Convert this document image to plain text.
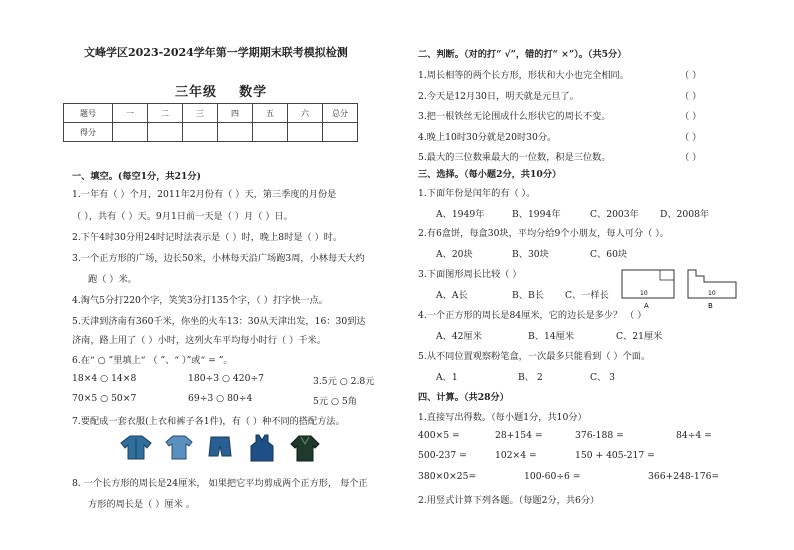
文峰学区2023-2024学年第一学期期末联考模拟检测
三年级    数学
题号	一	二	三	四	五	六	总分
得分							
一、填空。(每空1分，共21分)
1.一年有（ ）个月，2011年2月份有（ ）天，第三季度的月份是
（ ），共有（ ）天。9月1日前一天是（ ）月（ ）日。
2.下午4时30分用24时记时法表示是（ ）时，晚上8时是（ ）时。
3.一个正方形的广场，边长50米，小林每天沿广场跑3周，小林每天大约
跑（ ）米。
4.淘气5分打220个字，笑笑3分打135个字，（ ）打字快一点。
5.天津到济南有360千米，你坐的火车13：30从天津出发，16：30到达
济南，路上用了（ ）小时，这列火车平均每小时行（ ）千米。
6.在“ ○ ”里填上“ （ ”、“ ）”或“ = ”。
18×4 ○ 14×8	180÷3 ○ 420÷7	3.5元 ○ 2.8元
70×5 ○ 50×7	69÷3 ○ 80÷4	5元 ○ 5角
7.要配成一套衣服(上衣和裤子各1件)，有（ ）种不同的搭配方法。
8. 一个长方形的周长是24厘米， 如果把它平均剪成两个正方形， 每个正
方形的周长是（ ）厘米 。
二、判断。（对的打“ √”，错的打“ ×”）。（共5分）
1.周长相等的两个长方形，形状和大小也完全相同。	（ ）
2.今天是12月30日，明天就是元旦了。	（ ）
3.把一根铁丝无论围成什么形状它的周长不变。	（ ）
4.晚上10时30分就是20时30分。	（ ）
5.最大的三位数乘最大的一位数，积是三位数。	（ ）
三、选择。（每小题2分，共10分）
1.下面年份是闰年的有（ ）。
A、1949年	B、1994年	C、2003年 D、2008年
2.有6盒饼，每盒30块，平均分给9个小朋友，每人可分（ ）。
A、20块	B、30块	C、60块
3.下面图形周长比较（ ）
A、A长	B、B长 C、一样长	10
A
10
B
4.一个正方形的周长是84厘米，它的边长是多少？ （ ）
A、42厘米	B、14厘米	C、21厘米
5.从不同位置观察粉笔盒，一次最多只能看到（ ）个面。
A、1	B、 2	C、 3
四、计算。（共28分）
1.直接写出得数。（每小题1分，共10分）
400×5 =	28+154 =	376-188 =	84÷4 =
500-237 =	102×4 =	150 + 405-217 =
380×0×25=	100-60÷6 =	366+248-176=
2.用竖式计算下列各题。（每题2分，共6分）
